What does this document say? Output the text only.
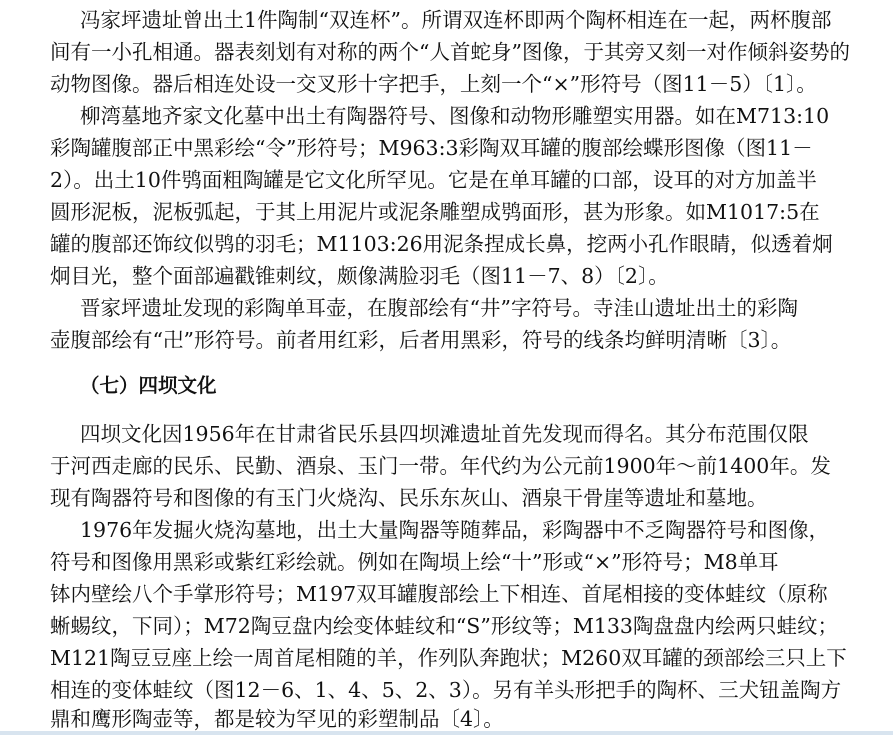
冯家坪遗址曾出土1件陶制“双连杯”。所谓双连杯即两个陶杯相连在一起，两杯腹部
间有一小孔相通。器表刻划有对称的两个“人首蛇身”图像，于其旁又刻一对作倾斜姿势的
动物图像。器后相连处设一交叉形十字把手，上刻一个“×”形符号（图11－5）〔1〕。
柳湾墓地齐家文化墓中出土有陶器符号、图像和动物形雕塑实用器。如在M713:10
彩陶罐腹部正中黑彩绘“令”形符号；M963:3彩陶双耳罐的腹部绘蝶形图像（图11－
2）。出土10件鸮面粗陶罐是它文化所罕见。它是在单耳罐的口部，设耳的对方加盖半
圆形泥板，泥板弧起，于其上用泥片或泥条雕塑成鸮面形，甚为形象。如M1017:5在
罐的腹部还饰纹似鸮的羽毛；M1103:26用泥条捏成长鼻，挖两小孔作眼睛，似透着炯
炯目光，整个面部遍戳锥刺纹，颇像满脸羽毛（图11－7、8）〔2〕。
晋家坪遗址发现的彩陶单耳壶，在腹部绘有“井”字符号。寺洼山遗址出土的彩陶
壶腹部绘有“卍”形符号。前者用红彩，后者用黑彩，符号的线条均鲜明清晰〔3〕。
（七）四坝文化
四坝文化因1956年在甘肃省民乐县四坝滩遗址首先发现而得名。其分布范围仅限
于河西走廊的民乐、民勤、酒泉、玉门一带。年代约为公元前1900年～前1400年。发
现有陶器符号和图像的有玉门火烧沟、民乐东灰山、酒泉干骨崖等遗址和墓地。
1976年发掘火烧沟墓地，出土大量陶器等随葬品，彩陶器中不乏陶器符号和图像，
符号和图像用黑彩或紫红彩绘就。例如在陶埙上绘“十”形或“×”形符号；M8单耳
钵内壁绘八个手掌形符号；M197双耳罐腹部绘上下相连、首尾相接的变体蛙纹（原称
蜥蜴纹，下同）；M72陶豆盘内绘变体蛙纹和“S”形纹等；M133陶盘盘内绘两只蛙纹；
M121陶豆豆座上绘一周首尾相随的羊，作列队奔跑状；M260双耳罐的颈部绘三只上下
相连的变体蛙纹（图12－6、1、4、5、2、3）。另有羊头形把手的陶杯、三犬钮盖陶方
鼎和鹰形陶壶等，都是较为罕见的彩塑制品〔4〕。
